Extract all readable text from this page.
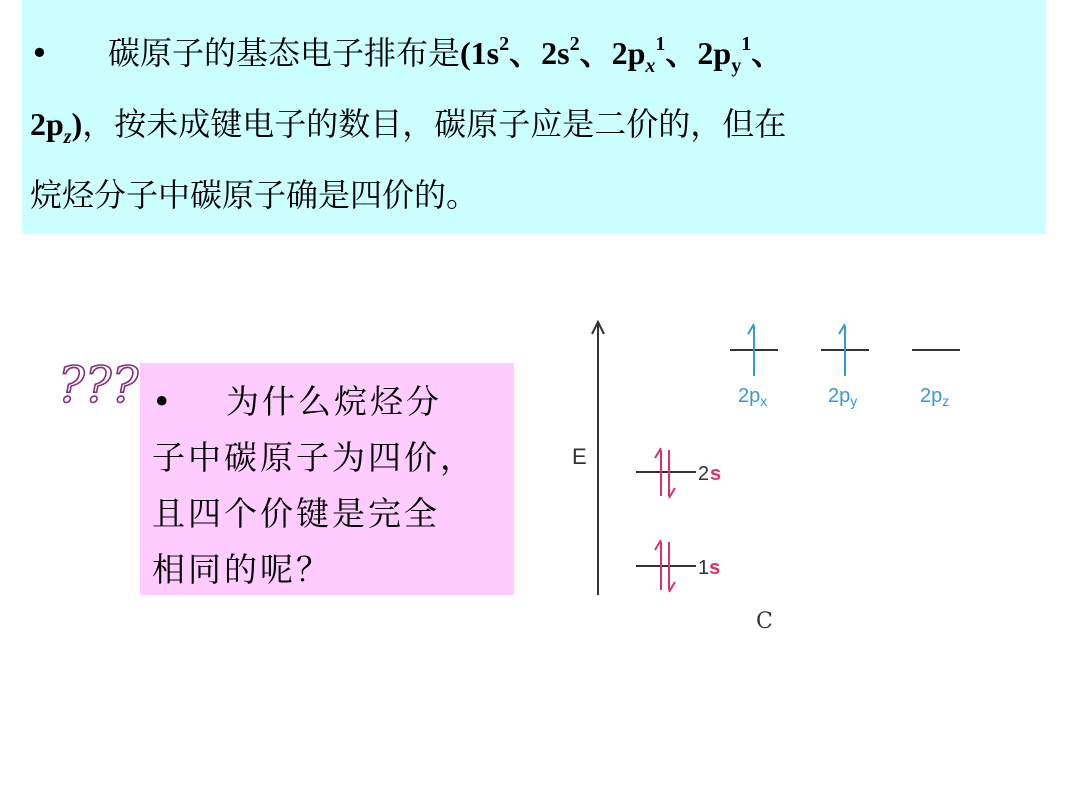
• 碳原子的基态电子排布是($1s^2$、$2s^2$、$2p_x^1$、$2p_y^1$、
$2p_z$)，按未成键电子的数目，碳原子应是二价的，但在
烷烃分子中碳原子确是四价的。
??? • 为什么烷烃分
子中碳原子为四价，
且四个价键是完全
相同的呢？
E
$2p_x$	$2p_y$	$2p_z$
2 s
1s
C
